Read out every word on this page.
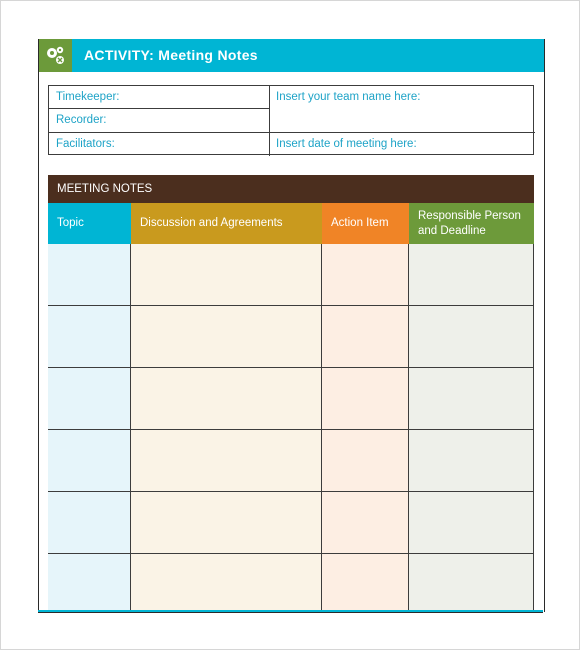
ACTIVITY: Meeting Notes
Timekeeper:
Recorder:
Facilitators:
Insert your team name here:
Insert date of meeting here:
MEETING NOTES
Topic	Discussion and Agreements	Action Item
Responsible Person and Deadline
